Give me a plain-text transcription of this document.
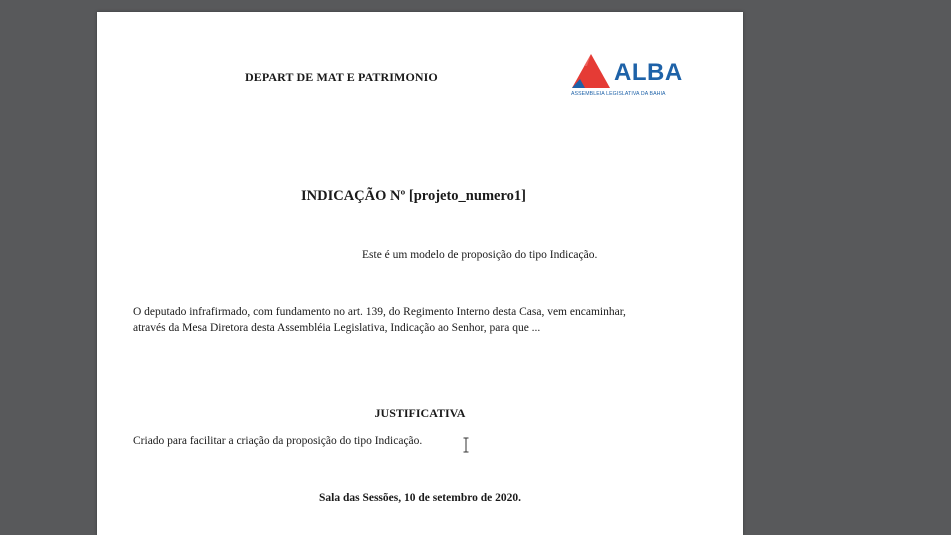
DEPART DE MAT E PATRIMONIO	ALBA
ASSEMBLEIA LEGISLATIVA DA BAHIA
INDICAÇÃO Nº [projeto_numero1]
Este é um modelo de proposição do tipo Indicação.
O deputado infrafirmado, com fundamento no art. 139, do Regimento Interno desta Casa, vem encaminhar,
através da Mesa Diretora desta Assembléia Legislativa, Indicação ao Senhor, para que ...
JUSTIFICATIVA
Criado para facilitar a criação da proposição do tipo Indicação.
Sala das Sessões, 10 de setembro de 2020.
